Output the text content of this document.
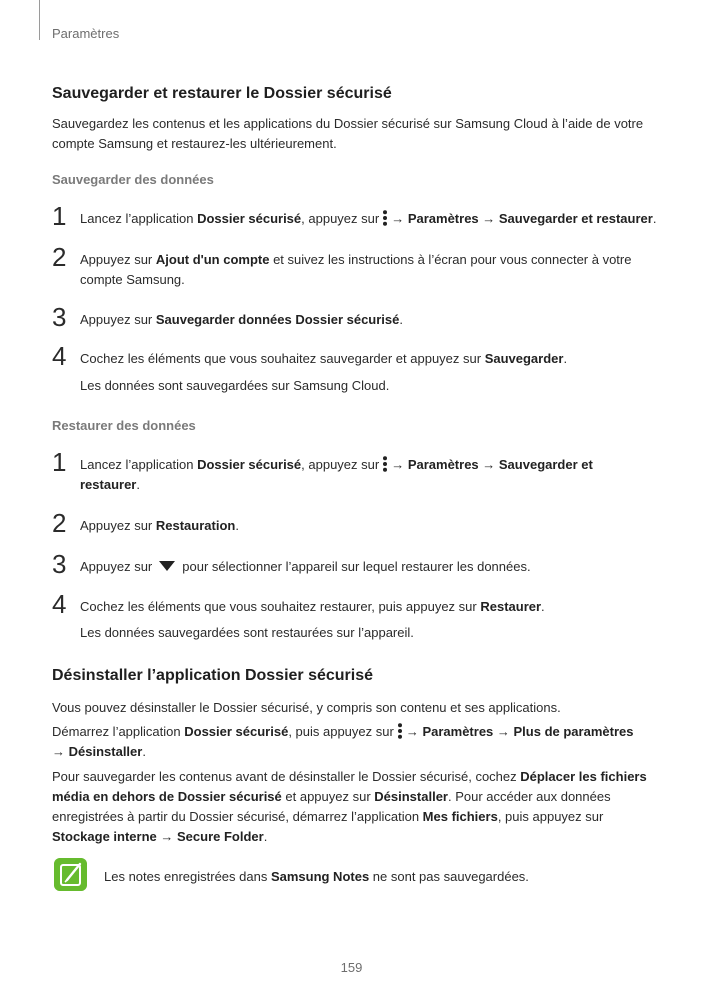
Paramètres
Sauvegarder et restaurer le Dossier sécurisé
Sauvegardez les contenus et les applications du Dossier sécurisé sur Samsung Cloud à l’aide de votre
compte Samsung et restaurez-les ultérieurement.
Sauvegarder des données
1 Lancez l’application Dossier sécurisé, appuyez sur → Paramètres → Sauvegarder et restaurer.
2 Appuyez sur Ajout d'un compte et suivez les instructions à l’écran pour vous connecter à votre
compte Samsung.
3 Appuyez sur Sauvegarder données Dossier sécurisé.
4 Cochez les éléments que vous souhaitez sauvegarder et appuyez sur Sauvegarder.
Les données sont sauvegardées sur Samsung Cloud.
Restaurer des données
1 Lancez l’application Dossier sécurisé, appuyez sur → Paramètres → Sauvegarder et
restaurer.
2 Appuyez sur Restauration.
3 Appuyez sur pour sélectionner l’appareil sur lequel restaurer les données.
4 Cochez les éléments que vous souhaitez restaurer, puis appuyez sur Restaurer.
Les données sauvegardées sont restaurées sur l’appareil.
Désinstaller l’application Dossier sécurisé
Vous pouvez désinstaller le Dossier sécurisé, y compris son contenu et ses applications.
Démarrez l’application Dossier sécurisé, puis appuyez sur → Paramètres → Plus de paramètres
→ Désinstaller.
Pour sauvegarder les contenus avant de désinstaller le Dossier sécurisé, cochez Déplacer les fichiers
média en dehors de Dossier sécurisé et appuyez sur Désinstaller. Pour accéder aux données
enregistrées à partir du Dossier sécurisé, démarrez l’application Mes fichiers, puis appuyez sur
Stockage interne → Secure Folder.
Les notes enregistrées dans Samsung Notes ne sont pas sauvegardées.
159
